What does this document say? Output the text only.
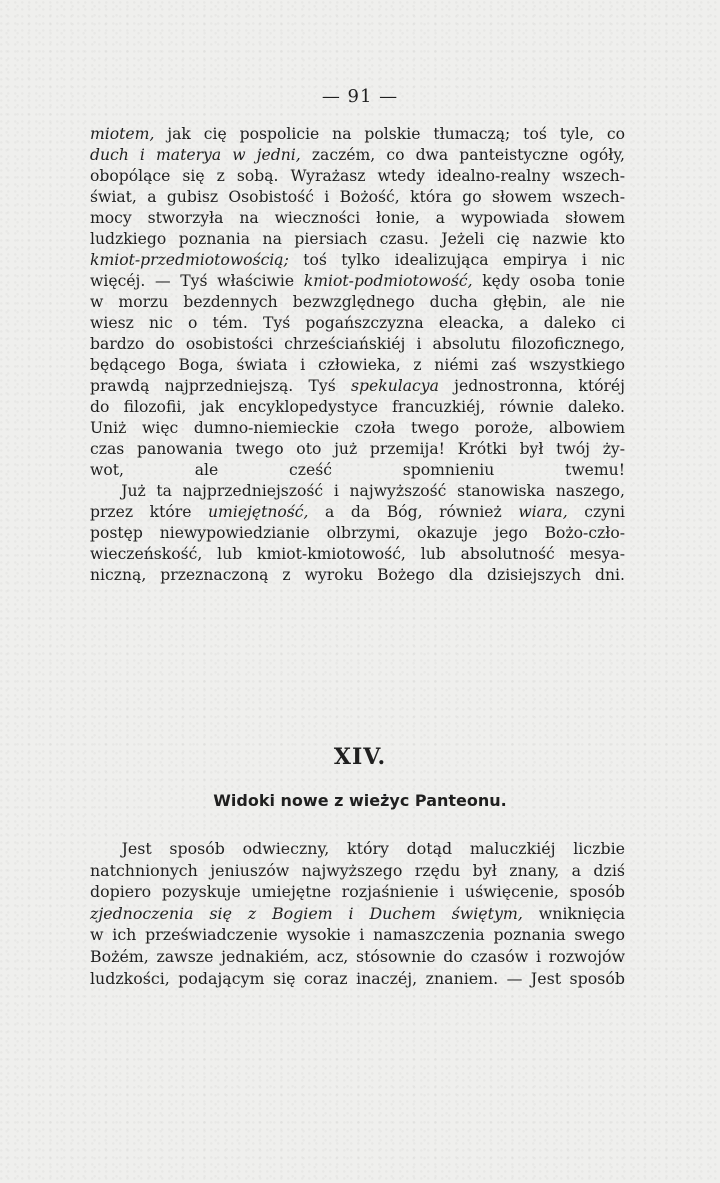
— 91 —
miotem, jak cię pospolicie na polskie tłumaczą; toś tyle, co
duch i materya w jedni, zaczém, co dwa panteistyczne ogóły,
obopólące się z sobą. Wyrażasz wtedy idealno-realny wszech-
świat, a gubisz Osobistość i Bożość, która go słowem wszech-
mocy stworzyła na wieczności łonie, a wypowiada słowem
ludzkiego poznania na piersiach czasu. Jeżeli cię nazwie kto
kmiot-przedmiotowością; toś tylko idealizująca empirya i nic
więcéj. — Tyś właściwie kmiot-podmiotowość, kędy osoba tonie
w morzu bezdennych bezwzględnego ducha głębin, ale nie
wiesz nic o tém. Tyś pogańszczyzna eleacka, a daleko ci
bardzo do osobistości chrześciańskiéj i absolutu filozoficznego,
będącego Boga, świata i człowieka, z niémi zaś wszystkiego
prawdą najprzedniejszą. Tyś spekulacya jednostronna, któréj
do filozofii, jak encyklopedystyce francuzkiéj, równie daleko.
Uniż więc dumno-niemieckie czoła twego poroże, albowiem
czas panowania twego oto już przemija! Krótki był twój ży-
wot, ale cześć spomnieniu twemu!
  Już ta najprzedniejszość i najwyższość stanowiska naszego,
przez które umiejętność, a da Bóg, również wiara, czyni
postęp niewypowiedzianie olbrzymi, okazuje jego Bożo-czło-
wieczeńskość, lub kmiot-kmiotowość, lub absolutność mesya-
niczną, przeznaczoną z wyroku Bożego dla dzisiejszych dni.
XIV.
Widoki nowe z wieżyc Panteonu.
  Jest sposób odwieczny, który dotąd maluczkiéj liczbie
natchnionych jeniuszów najwyższego rzędu był znany, a dziś
dopiero pozyskuje umiejętne rozjaśnienie i uświęcenie, sposób
zjednoczenia się z Bogiem i Duchem świętym, wniknięcia
w ich przeświadczenie wysokie i namaszczenia poznania swego
Bożém, zawsze jednakiém, acz, stósownie do czasów i rozwojów
ludzkości, podającym się coraz inaczéj, znaniem. — Jest sposób
